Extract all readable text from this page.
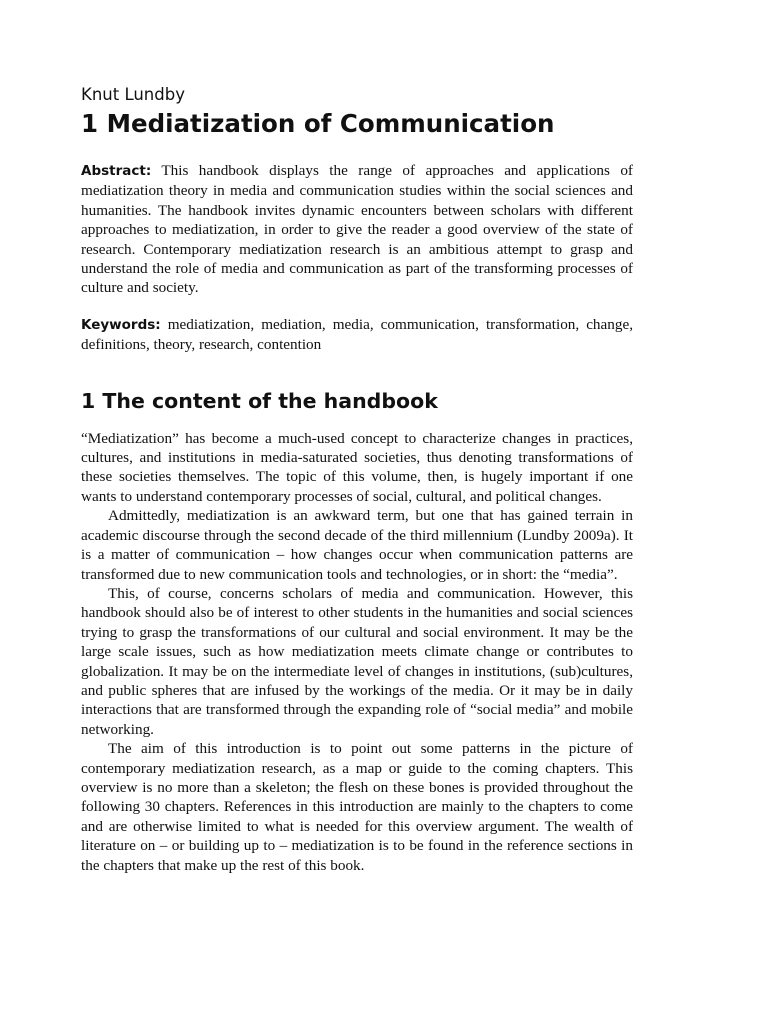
Knut Lundby

1 Mediatization of Communication

Abstract: This handbook displays the range of approaches and applications of mediatization theory in media and communication studies within the social sciences and humanities. The handbook invites dynamic encounters between scholars with different approaches to mediatization, in order to give the reader a good overview of the state of research. Contemporary mediatization research is an ambitious attempt to grasp and understand the role of media and communication as part of the transforming processes of culture and society.

Keywords: mediatization, mediation, media, communication, transformation, change, definitions, theory, research, contention

1 The content of the handbook

“Mediatization” has become a much-used concept to characterize changes in practices, cultures, and institutions in media-saturated societies, thus denoting transformations of these societies themselves. The topic of this volume, then, is hugely important if one wants to understand contemporary processes of social, cultural, and political changes.

Admittedly, mediatization is an awkward term, but one that has gained terrain in academic discourse through the second decade of the third millennium (Lundby 2009a). It is a matter of communication – how changes occur when communication patterns are transformed due to new communication tools and technologies, or in short: the “media”.

This, of course, concerns scholars of media and communication. However, this handbook should also be of interest to other students in the humanities and social sciences trying to grasp the transformations of our cultural and social environment. It may be the large scale issues, such as how mediatization meets climate change or contributes to globalization. It may be on the intermediate level of changes in institutions, (sub)cultures, and public spheres that are infused by the workings of the media. Or it may be in daily interactions that are transformed through the expanding role of “social media” and mobile networking.

The aim of this introduction is to point out some patterns in the picture of contemporary mediatization research, as a map or guide to the coming chapters. This overview is no more than a skeleton; the flesh on these bones is provided throughout the following 30 chapters. References in this introduction are mainly to the chapters to come and are otherwise limited to what is needed for this overview argument. The wealth of literature on – or building up to – mediatization is to be found in the reference sections in the chapters that make up the rest of this book.
